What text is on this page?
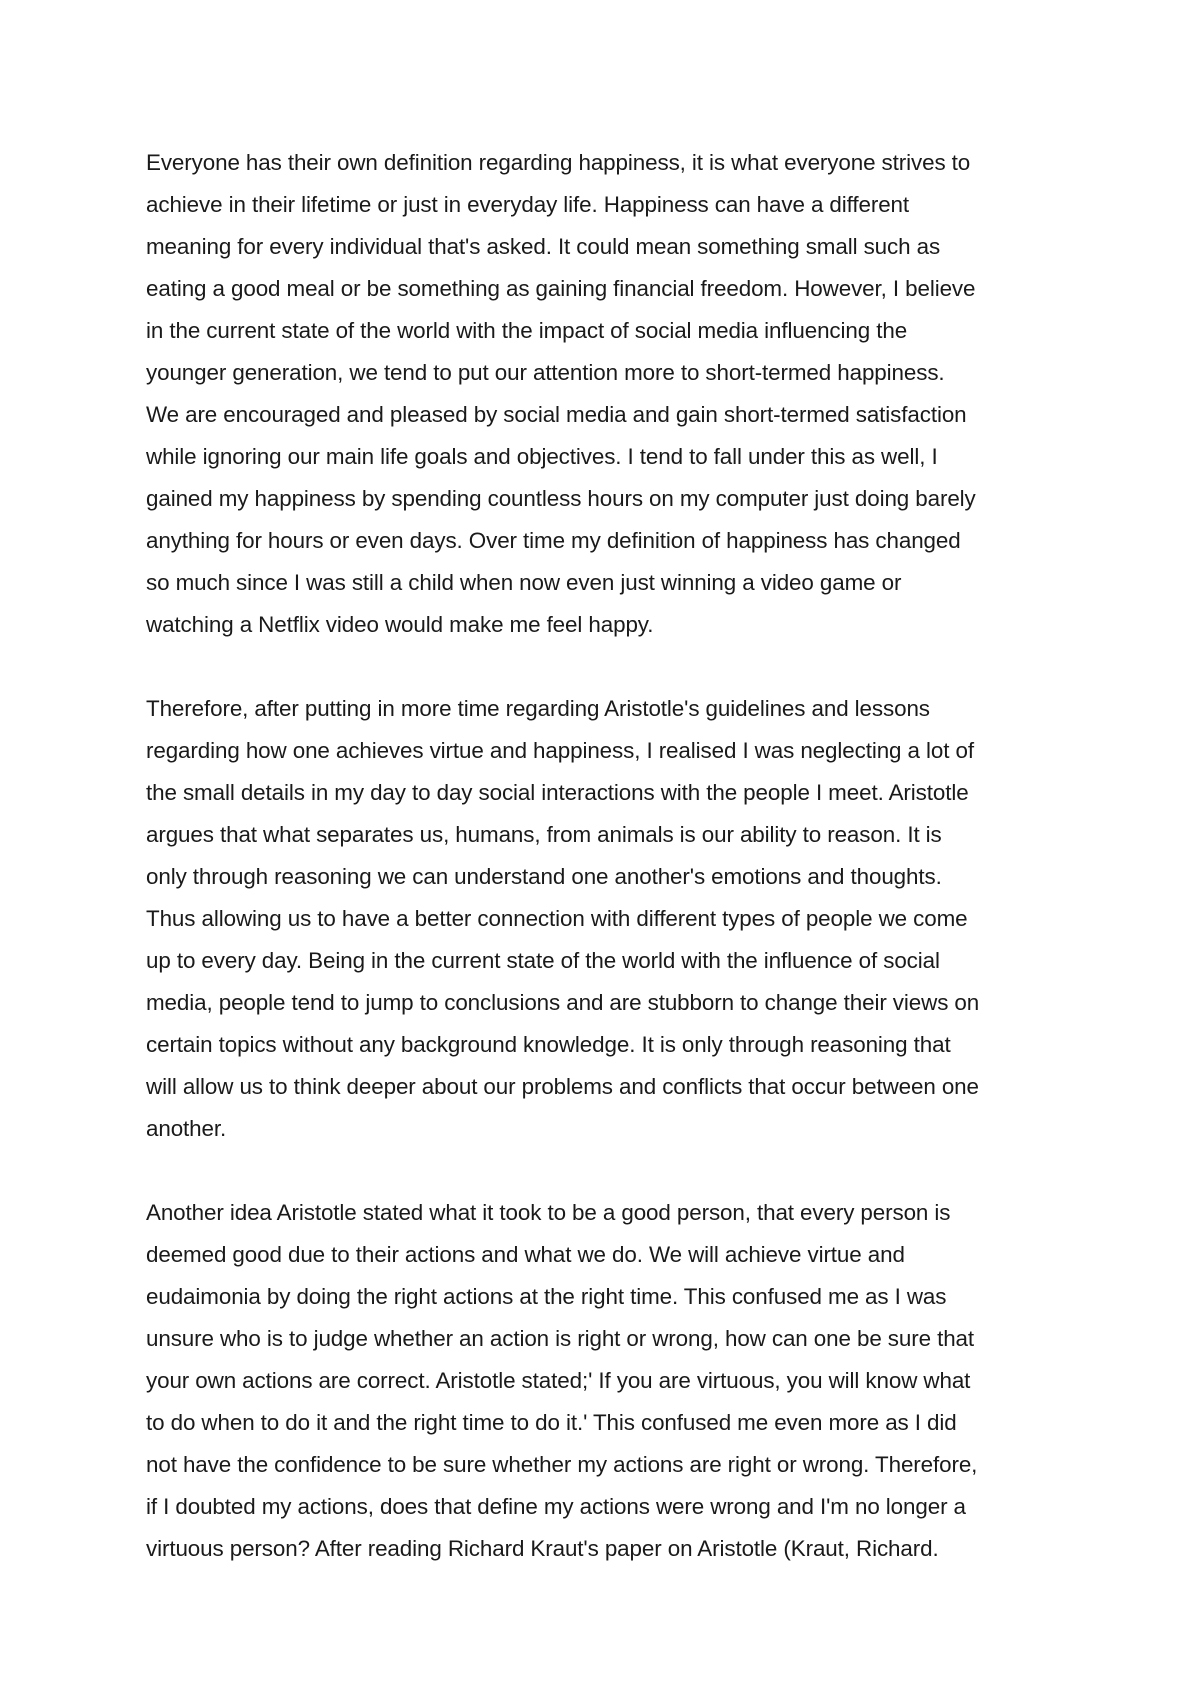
Everyone has their own definition regarding happiness, it is what everyone strives to
achieve in their lifetime or just in everyday life. Happiness can have a different
meaning for every individual that's asked. It could mean something small such as
eating a good meal or be something as gaining financial freedom. However, I believe
in the current state of the world with the impact of social media influencing the
younger generation, we tend to put our attention more to short-termed happiness.
We are encouraged and pleased by social media and gain short-termed satisfaction
while ignoring our main life goals and objectives. I tend to fall under this as well, I
gained my happiness by spending countless hours on my computer just doing barely
anything for hours or even days. Over time my definition of happiness has changed
so much since I was still a child when now even just winning a video game or
watching a Netflix video would make me feel happy.

Therefore, after putting in more time regarding Aristotle's guidelines and lessons
regarding how one achieves virtue and happiness, I realised I was neglecting a lot of
the small details in my day to day social interactions with the people I meet. Aristotle
argues that what separates us, humans, from animals is our ability to reason. It is
only through reasoning we can understand one another's emotions and thoughts.
Thus allowing us to have a better connection with different types of people we come
up to every day. Being in the current state of the world with the influence of social
media, people tend to jump to conclusions and are stubborn to change their views on
certain topics without any background knowledge. It is only through reasoning that
will allow us to think deeper about our problems and conflicts that occur between one
another.

Another idea Aristotle stated what it took to be a good person, that every person is
deemed good due to their actions and what we do. We will achieve virtue and
eudaimonia by doing the right actions at the right time. This confused me as I was
unsure who is to judge whether an action is right or wrong, how can one be sure that
your own actions are correct. Aristotle stated;' If you are virtuous, you will know what
to do when to do it and the right time to do it.' This confused me even more as I did
not have the confidence to be sure whether my actions are right or wrong. Therefore,
if I doubted my actions, does that define my actions were wrong and I'm no longer a
virtuous person? After reading Richard Kraut's paper on Aristotle (Kraut, Richard.
